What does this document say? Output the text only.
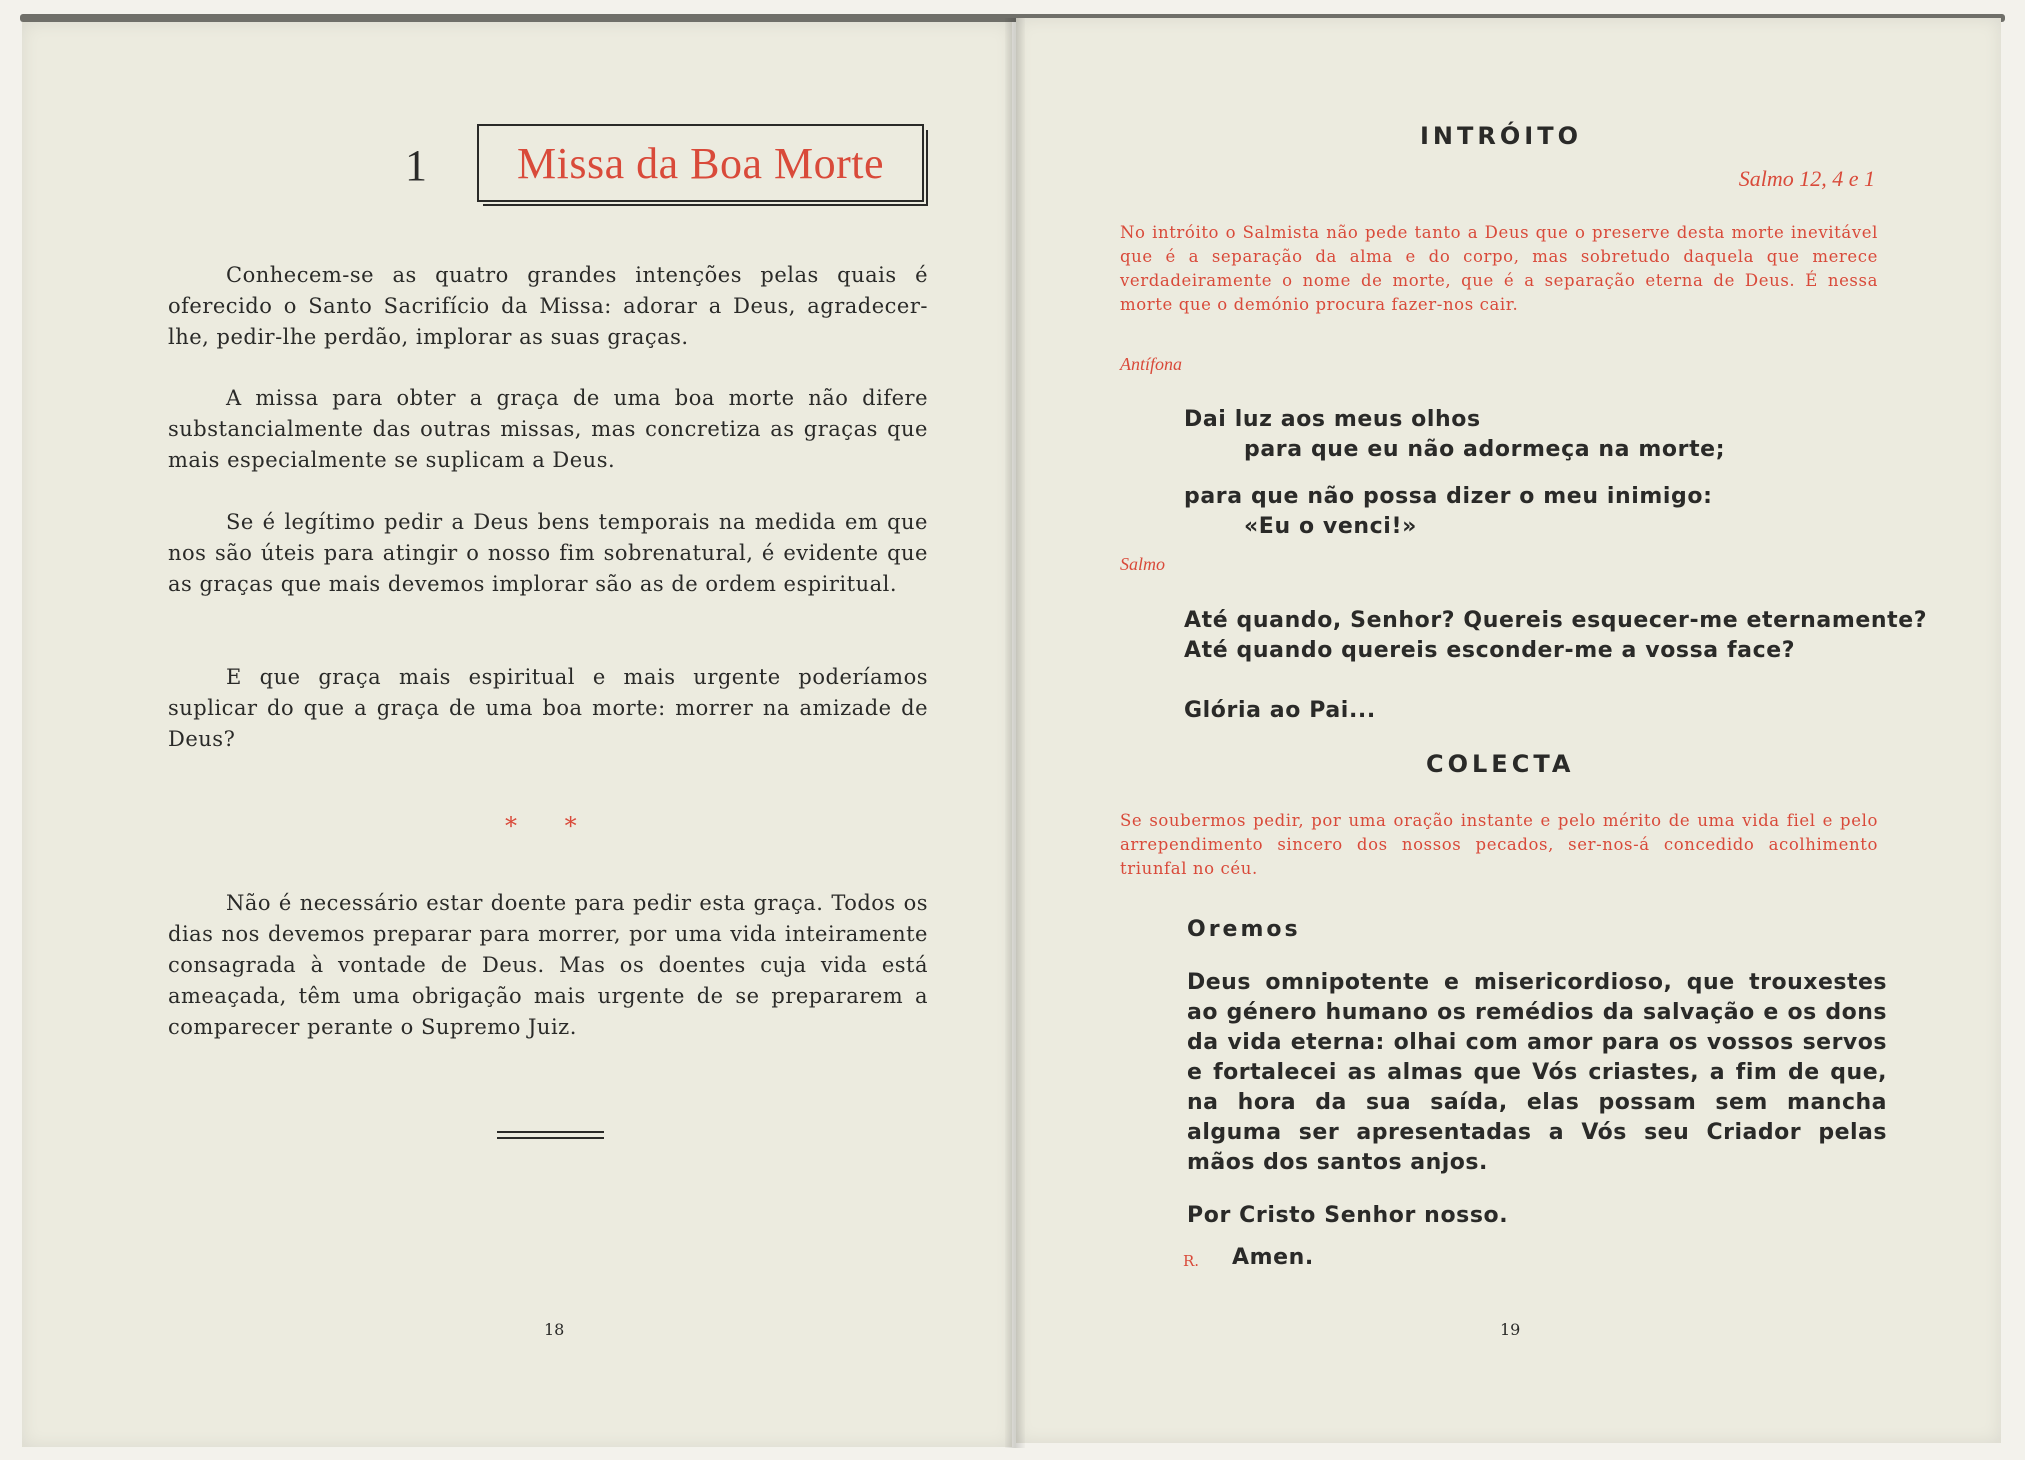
1 Missa da Boa Morte
Conhecem-se as quatro grandes intenções pelas quais é oferecido o Santo Sacrifício da Missa: adorar a Deus, agradecer-lhe, pedir-lhe perdão, implorar as suas graças.
A missa para obter a graça de uma boa morte não difere substancialmente das outras missas, mas concretiza as graças que mais especialmente se suplicam a Deus.
Se é legítimo pedir a Deus bens temporais na medida em que nos são úteis para atingir o nosso fim sobrenatural, é evidente que as graças que mais devemos implorar são as de ordem espiritual.
E que graça mais espiritual e mais urgente poderíamos suplicar do que a graça de uma boa morte: morrer na amizade de Deus?
* *
Não é necessário estar doente para pedir esta graça. Todos os dias nos devemos preparar para morrer, por uma vida inteiramente consagrada à vontade de Deus. Mas os doentes cuja vida está ameaçada, têm uma obrigação mais urgente de se prepararem a comparecer perante o Supremo Juiz.
18
INTRÓITO
Salmo 12, 4 e 1
No intróito o Salmista não pede tanto a Deus que o preserve desta morte inevitável que é a separação da alma e do corpo, mas sobretudo daquela que merece verdadeiramente o nome de morte, que é a separação eterna de Deus. É nessa morte que o demónio procura fazer-nos cair.
Antífona
Dai luz aos meus olhos
para que eu não adormeça na morte;
para que não possa dizer o meu inimigo:
«Eu o venci!»
Salmo
Até quando, Senhor? Quereis esquecer-me eternamente?
Até quando quereis esconder-me a vossa face?
Glória ao Pai...
COLECTA
Se soubermos pedir, por uma oração instante e pelo mérito de uma vida fiel e pelo arrependimento sincero dos nossos pecados, ser-nos-á concedido acolhimento triunfal no céu.
Oremos
Deus omnipotente e misericordioso, que trouxestes ao género humano os remédios da salvação e os dons da vida eterna: olhai com amor para os vossos servos e fortalecei as almas que Vós criastes, a fim de que, na hora da sua saída, elas possam sem mancha alguma ser apresentadas a Vós seu Criador pelas mãos dos santos anjos.
Por Cristo Senhor nosso.
R. Amen.
19
